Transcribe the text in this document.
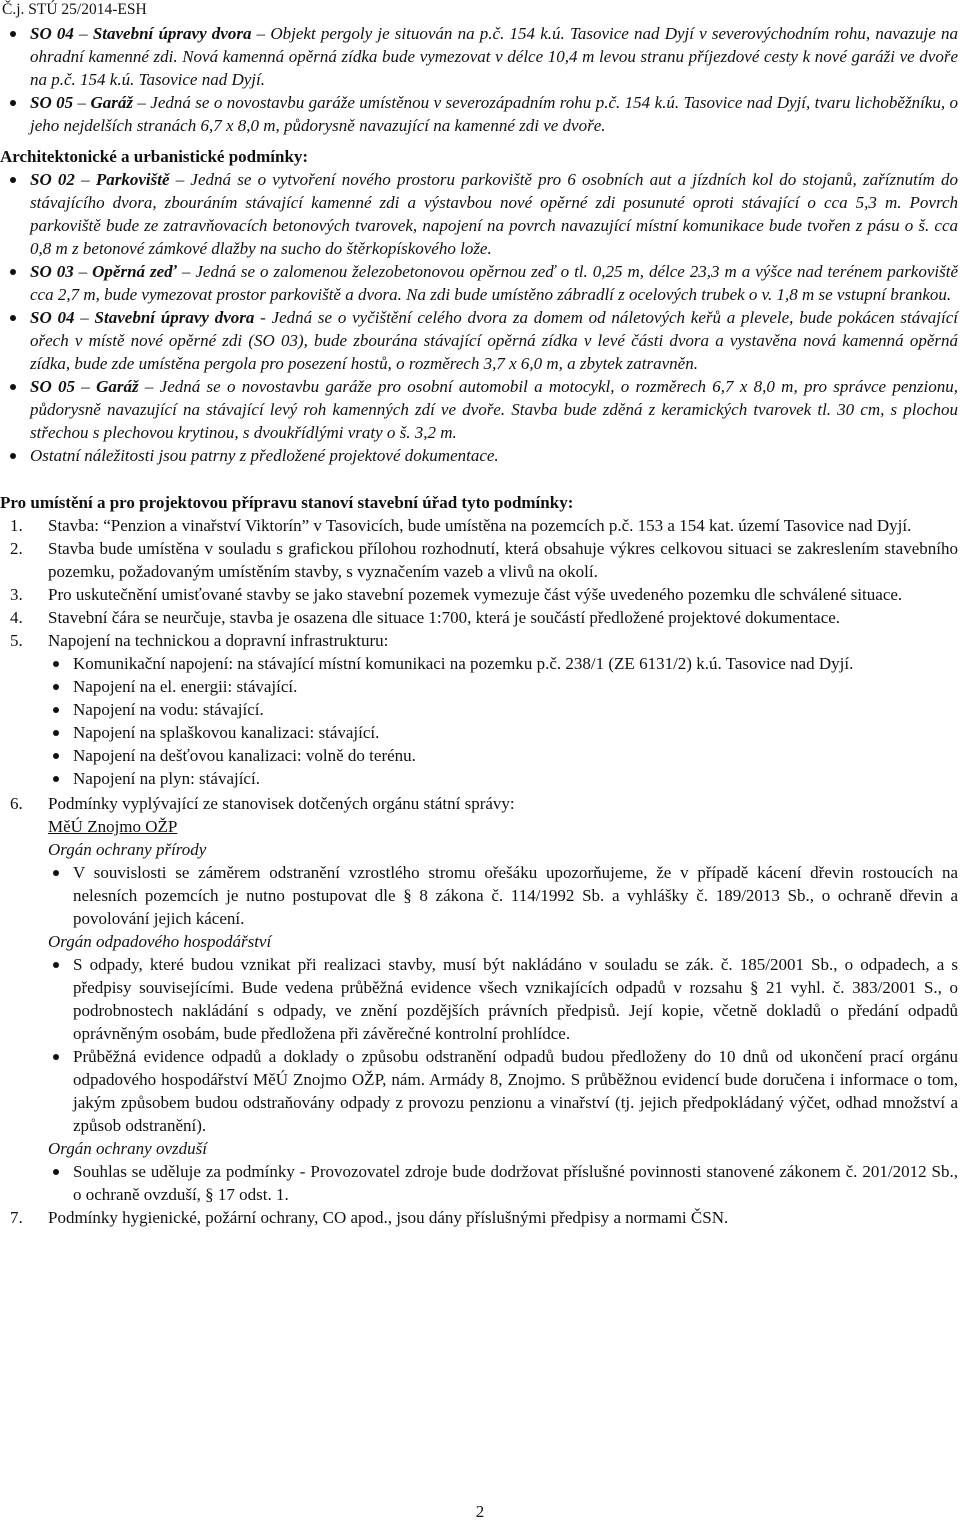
Č.j. STÚ 25/2014-ESH
SO 04 – Stavební úpravy dvora – Objekt pergoly je situován na p.č. 154 k.ú. Tasovice nad Dyjí v severovýchodním rohu, navazuje na ohradní kamenné zdi. Nová kamenná opěrná zídka bude vymezovat v délce 10,4 m levou stranu příjezdové cesty k nové garáži ve dvoře na p.č. 154 k.ú. Tasovice nad Dyjí.
SO 05 – Garáž – Jedná se o novostavbu garáže umístěnou v severozápadním rohu p.č. 154 k.ú. Tasovice nad Dyjí, tvaru lichoběžníku, o jeho nejdelších stranách 6,7 x 8,0 m, půdorysně navazující na kamenné zdi ve dvoře.
Architektonické a urbanistické podmínky:
SO 02 – Parkoviště – Jedná se o vytvoření nového prostoru parkoviště pro 6 osobních aut a jízdních kol do stojanů, zaříznutím do stávajícího dvora, zbouráním stávající kamenné zdi a výstavbou nové opěrné zdi posunuté oproti stávající o cca 5,3 m. Povrch parkoviště bude ze zatravňovacích betonových tvarovek, napojení na povrch navazující místní komunikace bude tvořen z pásu o š. cca 0,8 m z betonové zámkové dlažby na sucho do štěrkopískového lože.
SO 03 – Opěrná zeď – Jedná se o zalomenou železobetonovou opěrnou zeď o tl. 0,25 m, délce 23,3 m a výšce nad terénem parkoviště cca 2,7 m, bude vymezovat prostor parkoviště a dvora. Na zdi bude umístěno zábradlí z ocelových trubek o v. 1,8 m se vstupní brankou.
SO 04 – Stavební úpravy dvora - Jedná se o vyčištění celého dvora za domem od náletových keřů a plevele, bude pokácen stávající ořech v místě nové opěrné zdi (SO 03), bude zbourána stávající opěrná zídka v levé části dvora a vystavěna nová kamenná opěrná zídka, bude zde umístěna pergola pro posezení hostů, o rozměrech 3,7 x 6,0 m, a zbytek zatravněn.
SO 05 – Garáž – Jedná se o novostavbu garáže pro osobní automobil a motocykl, o rozměrech 6,7 x 8,0 m, pro správce penzionu, půdorysně navazující na stávající levý roh kamenných zdí ve dvoře. Stavba bude zděná z keramických tvarovek tl. 30 cm, s plochou střechou s plechovou krytinou, s dvoukřídlými vraty o š. 3,2 m.
Ostatní náležitosti jsou patrny z předložené projektové dokumentace.
Pro umístění a pro projektovou přípravu stanoví stavební úřad tyto podmínky:
1. Stavba: “Penzion a vinařství Viktorín” v Tasovicích, bude umístěna na pozemcích p.č. 153 a 154 kat. území Tasovice nad Dyjí.
2. Stavba bude umístěna v souladu s grafickou přílohou rozhodnutí, která obsahuje výkres celkovou situaci se zakreslením stavebního pozemku, požadovaným umístěním stavby, s vyznačením vazeb a vlivů na okolí.
3. Pro uskutečnění umisťované stavby se jako stavební pozemek vymezuje část výše uvedeného pozemku dle schválené situace.
4. Stavební čára se neurčuje, stavba je osazena dle situace 1:700, která je součástí předložené projektové dokumentace.
5. Napojení na technickou a dopravní infrastrukturu:
Komunikační napojení: na stávající místní komunikaci na pozemku p.č. 238/1 (ZE 6131/2) k.ú. Tasovice nad Dyjí.
Napojení na el. energii: stávající.
Napojení na vodu: stávající.
Napojení na splaškovou kanalizaci: stávající.
Napojení na dešťovou kanalizaci: volně do terénu.
Napojení na plyn: stávající.
6. Podmínky vyplývající ze stanovisek dotčených orgánu státní správy:
MěÚ Znojmo OŽP
Orgán ochrany přírody
V souvislosti se záměrem odstranění vzrostlého stromu ořešáku upozorňujeme, že v případě kácení dřevin rostoucích na nelesních pozemcích je nutno postupovat dle § 8 zákona č. 114/1992 Sb. a vyhlášky č. 189/2013 Sb., o ochraně dřevin a povolování jejich kácení.
Orgán odpadového hospodářství
S odpady, které budou vznikat při realizaci stavby, musí být nakládáno v souladu se zák. č. 185/2001 Sb., o odpadech, a s předpisy souvisejícími. Bude vedena průběžná evidence všech vznikajících odpadů v rozsahu § 21 vyhl. č. 383/2001 S., o podrobnostech nakládání s odpady, ve znění pozdějších právních předpisů. Její kopie, včetně dokladů o předání odpadů oprávněným osobám, bude předložena při závěrečné kontrolní prohlídce.
Průběžná evidence odpadů a doklady o způsobu odstranění odpadů budou předloženy do 10 dnů od ukončení prací orgánu odpadového hospodářství MěÚ Znojmo OŽP, nám. Armády 8, Znojmo. S průběžnou evidencí bude doručena i informace o tom, jakým způsobem budou odstraňovány odpady z provozu penzionu a vinařství (tj. jejich předpokládaný výčet, odhad množství a způsob odstranění).
Orgán ochrany ovzduší
Souhlas se uděluje za podmínky - Provozovatel zdroje bude dodržovat příslušné povinnosti stanovené zákonem č. 201/2012 Sb., o ochraně ovzduší, § 17 odst. 1.
7. Podmínky hygienické, požární ochrany, CO apod., jsou dány příslušnými předpisy a normami ČSN.
2
